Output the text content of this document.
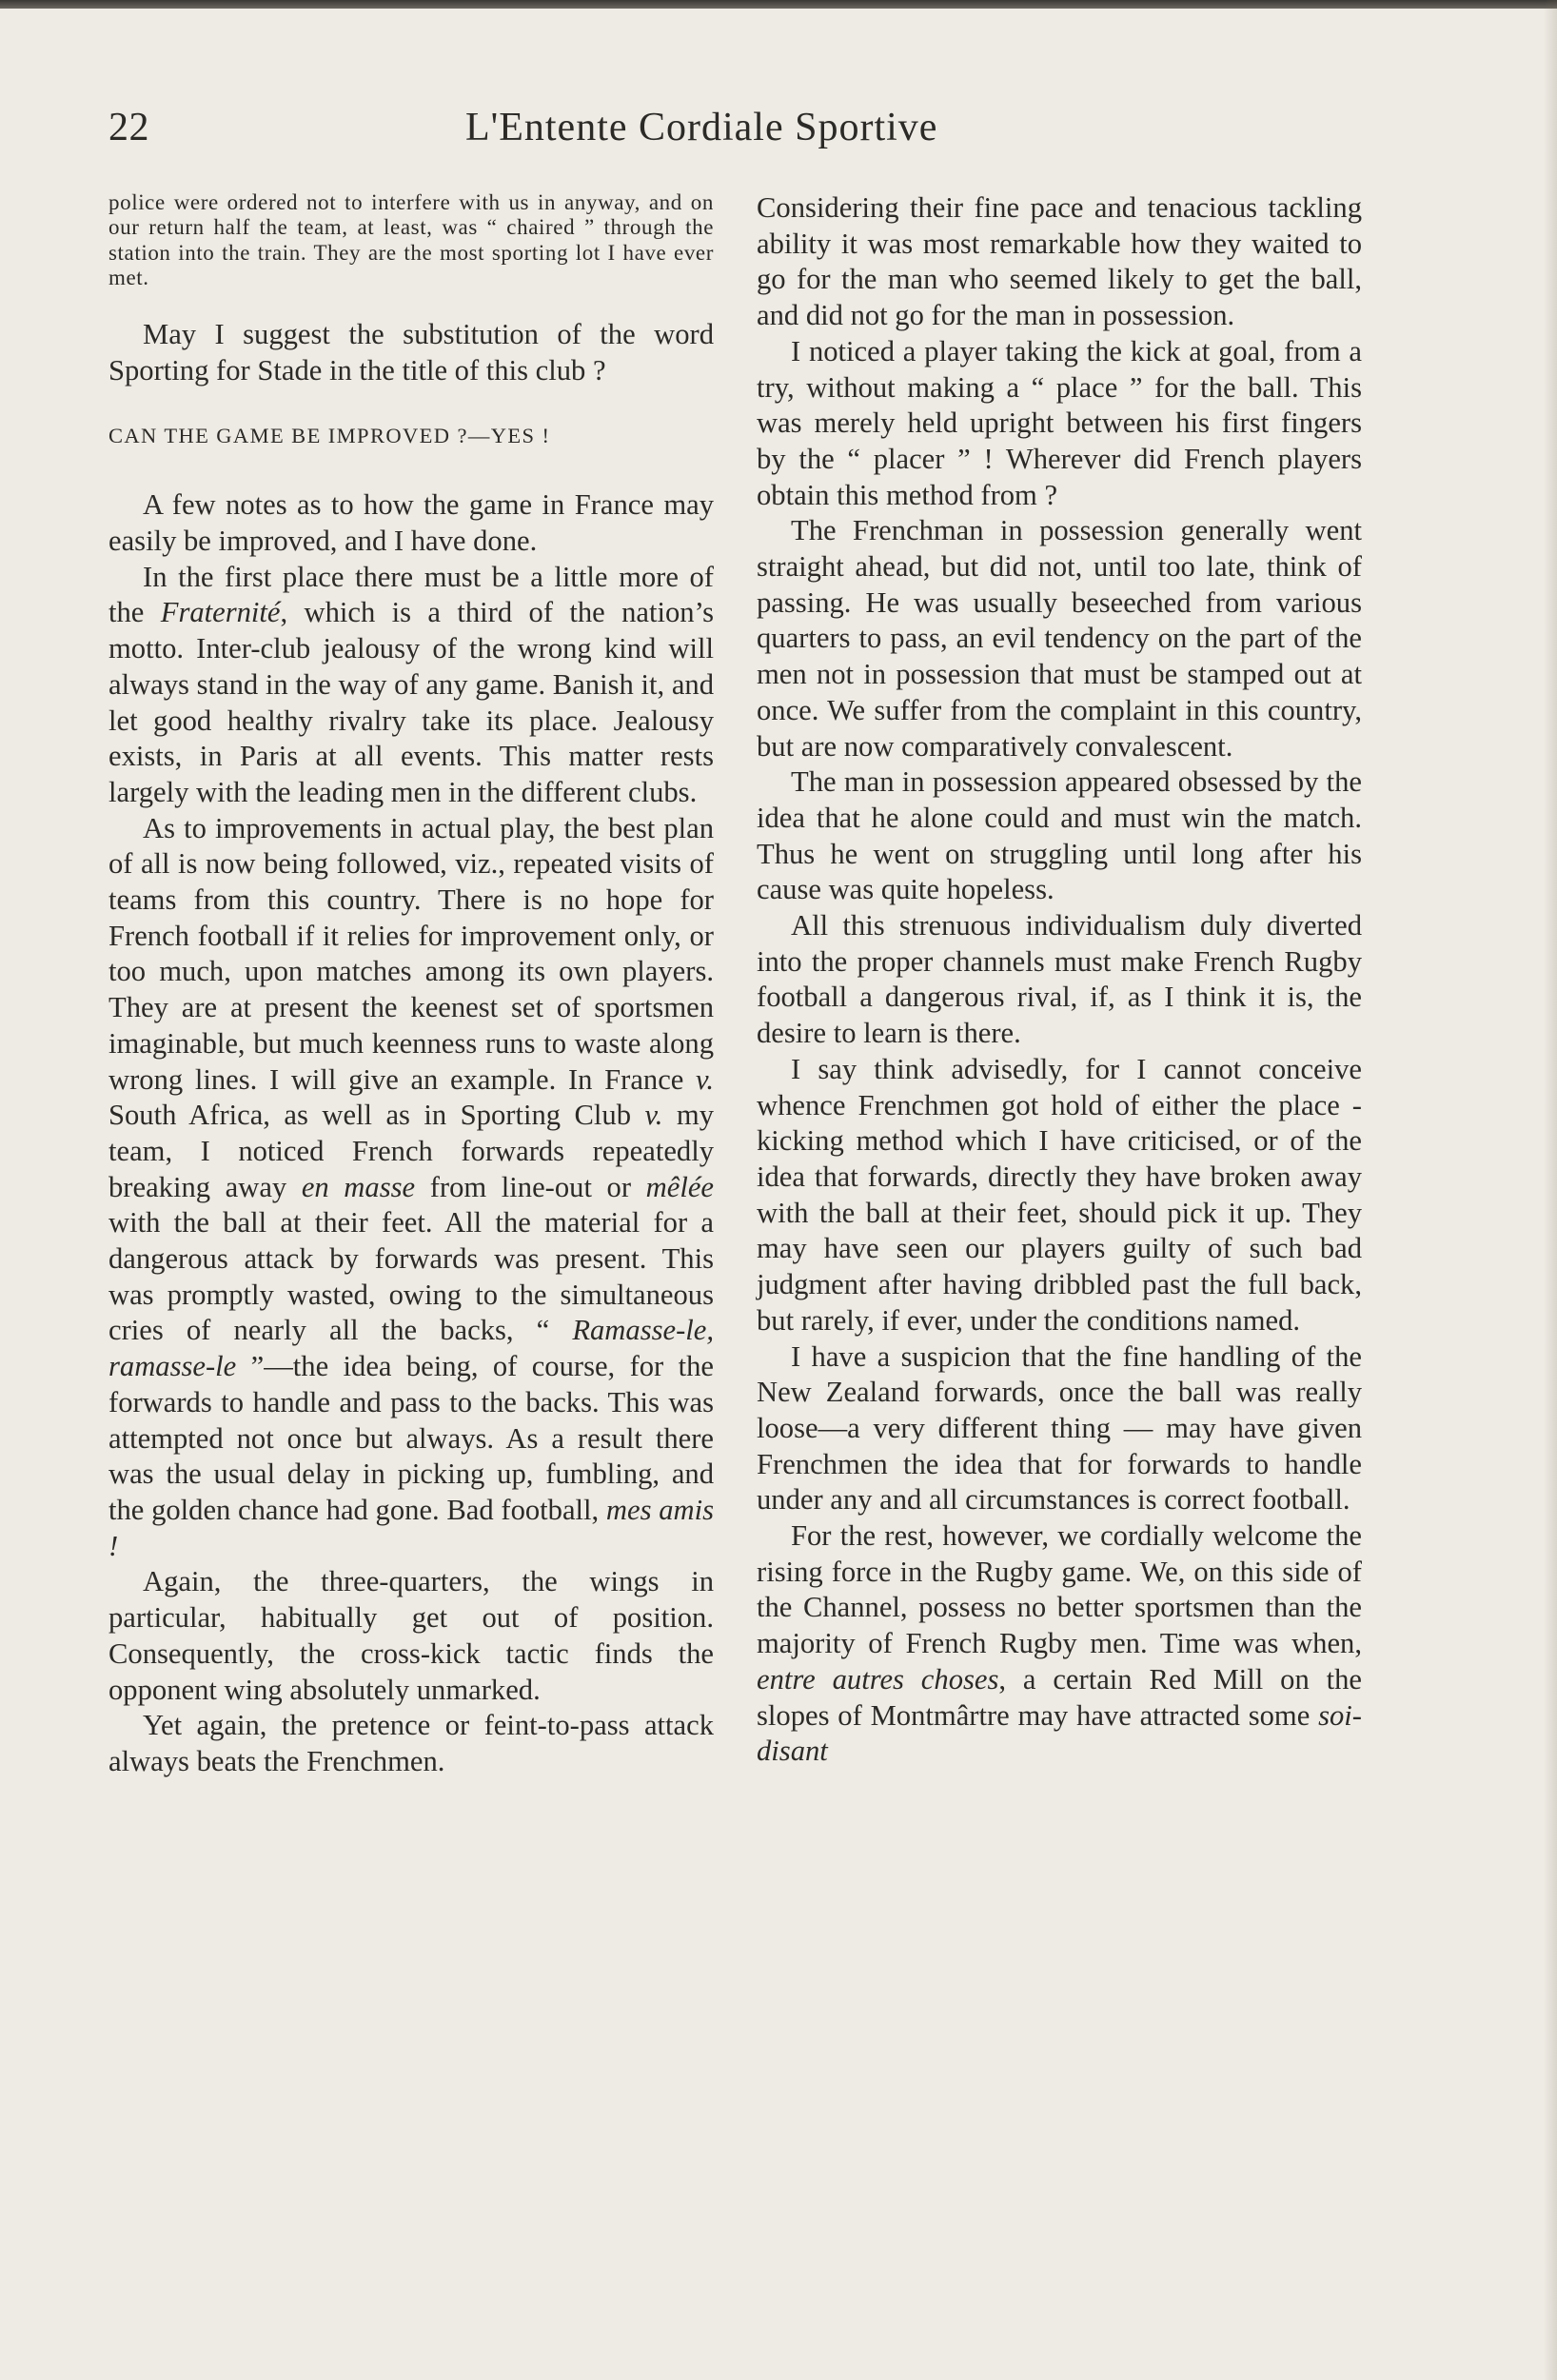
22	L'Entente Cordiale Sportive

police were ordered not to interfere with us in anyway, and on our return half the team, at least, was “ chaired ” through the station into the train. They are the most sporting lot I have ever met.

May I suggest the substitution of the word Sporting for Stade in the title of this club ?

CAN THE GAME BE IMPROVED ?—YES !

A few notes as to how the game in France may easily be improved, and I have done.

In the first place there must be a little more of the Fraternité, which is a third of the nation’s motto. Inter-club jealousy of the wrong kind will always stand in the way of any game. Banish it, and let good healthy rivalry take its place. Jealousy exists, in Paris at all events. This matter rests largely with the leading men in the different clubs.

As to improvements in actual play, the best plan of all is now being followed, viz., repeated visits of teams from this country. There is no hope for French football if it relies for improvement only, or too much, upon matches among its own players. They are at present the keenest set of sportsmen imaginable, but much keenness runs to waste along wrong lines. I will give an example. In France v. South Africa, as well as in Sporting Club v. my team, I noticed French forwards repeatedly breaking away en masse from line-out or mêlée with the ball at their feet. All the material for a dangerous attack by forwards was present. This was promptly wasted, owing to the simultaneous cries of nearly all the backs, “ Ramasse-le, ramasse-le ”—the idea being, of course, for the forwards to handle and pass to the backs. This was attempted not once but always. As a result there was the usual delay in picking up, fumbling, and the golden chance had gone. Bad football, mes amis !

Again, the three-quarters, the wings in particular, habitually get out of position. Consequently, the cross-kick tactic finds the opponent wing absolutely unmarked.

Yet again, the pretence or feint-to-pass attack always beats the Frenchmen.

Considering their fine pace and tenacious tackling ability it was most remarkable how they waited to go for the man who seemed likely to get the ball, and did not go for the man in possession.

I noticed a player taking the kick at goal, from a try, without making a “ place ” for the ball. This was merely held upright between his first fingers by the “ placer ” ! Wherever did French players obtain this method from ?

The Frenchman in possession generally went straight ahead, but did not, until too late, think of passing. He was usually beseeched from various quarters to pass, an evil tendency on the part of the men not in possession that must be stamped out at once. We suffer from the complaint in this country, but are now comparatively convalescent.

The man in possession appeared obsessed by the idea that he alone could and must win the match. Thus he went on struggling until long after his cause was quite hopeless.

All this strenuous individualism duly diverted into the proper channels must make French Rugby football a dangerous rival, if, as I think it is, the desire to learn is there.

I say think advisedly, for I cannot conceive whence Frenchmen got hold of either the place - kicking method which I have criticised, or of the idea that forwards, directly they have broken away with the ball at their feet, should pick it up. They may have seen our players guilty of such bad judgment after having dribbled past the full back, but rarely, if ever, under the conditions named.

I have a suspicion that the fine handling of the New Zealand forwards, once the ball was really loose—a very different thing — may have given Frenchmen the idea that for forwards to handle under any and all circumstances is correct football.

For the rest, however, we cordially welcome the rising force in the Rugby game. We, on this side of the Channel, possess no better sportsmen than the majority of French Rugby men. Time was when, entre autres choses, a certain Red Mill on the slopes of Montmârtre may have attracted some soi-disant
